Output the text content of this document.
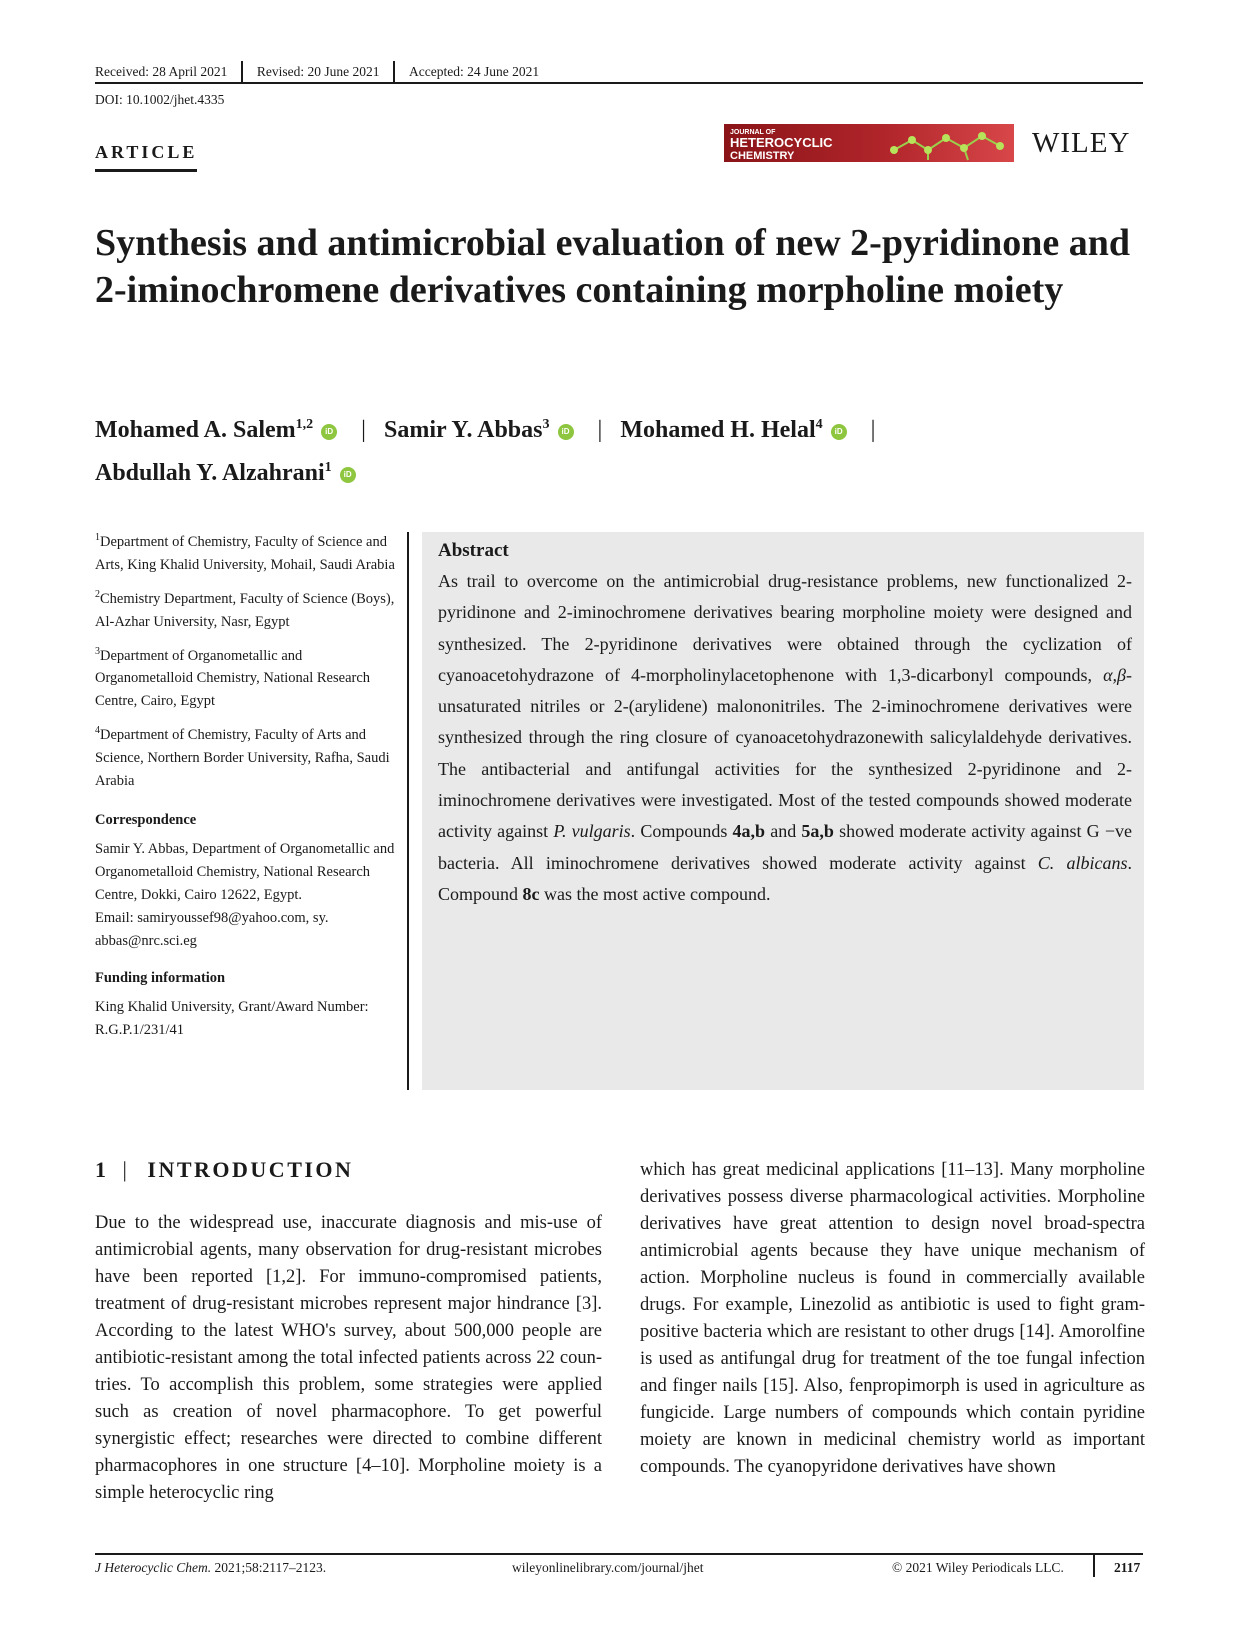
Received: 28 April 2021	Revised: 20 June 2021	Accepted: 24 June 2021
DOI: 10.1002/jhet.4335
ARTICLE
JOURNAL OF
HETEROCYCLIC
CHEMISTRY	WILEY
Synthesis and antimicrobial evaluation of new 2-pyridinone and 2-iminochromene derivatives containing morpholine moiety
Mohamed A. Salem$^{1,2}$ iD | Samir Y. Abbas$^3$ iD | Mohamed H. Helal$^4$ iD |
Abdullah Y. Alzahrani$^1$ iD

$^1$Department of Chemistry, Faculty of Science and Arts, King Khalid University, Mohail, Saudi Arabia

$^2$Chemistry Department, Faculty of Science (Boys), Al-Azhar University, Nasr, Egypt

$^3$Department of Organometallic and Organometalloid Chemistry, National Research Centre, Cairo, Egypt

$^4$Department of Chemistry, Faculty of Arts and Science, Northern Border University, Rafha, Saudi Arabia

Correspondence

Samir Y. Abbas, Department of Organometallic and Organometalloid Chemistry, National Research Centre, Dokki, Cairo 12622, Egypt.

Email: samiryoussef98@yahoo.com, sy. abbas@nrc.sci.eg

Funding information

King Khalid University, Grant/Award Number: R.G.P.1/231/41

Abstract

As trail to overcome on the antimicrobial drug-resistance problems, new functionalized 2-pyridinone and 2-iminochromene derivatives bearing morpholine moiety were designed and synthesized. The 2-pyridinone derivatives were obtained through the cyclization of cyanoacetohydrazone of 4-morpholinylacetophenone with 1,3-dicarbonyl compounds, α,β-unsaturated nitriles or 2-(arylidene) malononitriles. The 2-iminochromene derivatives were synthesized through the ring closure of cyanoacetohydrazonewith salicylaldehyde derivatives. The antibacterial and antifungal activities for the synthesized 2-pyridinone and 2-iminochromene derivatives were investigated. Most of the tested compounds showed moderate activity against P. vulgaris. Compounds 4a,b and 5a,b showed moderate activity against G −ve bacteria. All iminochromene derivatives showed moderate activity against C. albicans. Compound 8c was the most active compound.

1 | INTRODUCTION
Due to the widespread use, inaccurate diagnosis and mis-use of antimicrobial agents, many observation for drug-resistant microbes have been reported [1,2]. For immuno-compromised patients, treatment of drug-resistant microbes represent major hindrance [3]. According to the latest WHO's survey, about 500,000 people are antibiotic-resistant among the total infected patients across 22 coun-tries. To accomplish this problem, some strategies were applied such as creation of novel pharmacophore. To get powerful synergistic effect; researches were directed to combine different pharmacophores in one structure [4–10]. Morpholine moiety is a simple heterocyclic ring
which has great medicinal applications [11–13]. Many morpholine derivatives possess diverse pharmacological activities. Morpholine derivatives have great attention to design novel broad-spectra antimicrobial agents because they have unique mechanism of action. Morpholine nucleus is found in commercially available drugs. For example, Linezolid as antibiotic is used to fight gram-positive bacteria which are resistant to other drugs [14]. Amorolfine is used as antifungal drug for treatment of the toe fungal infection and finger nails [15]. Also, fenpropimorph is used in agriculture as fungicide. Large numbers of compounds which contain pyridine moiety are known in medicinal chemistry world as important compounds. The cyanopyridone derivatives have shown
J Heterocyclic Chem. 2021;58:2117–2123.	wileyonlinelibrary.com/journal/jhet	© 2021 Wiley Periodicals LLC.	2117
